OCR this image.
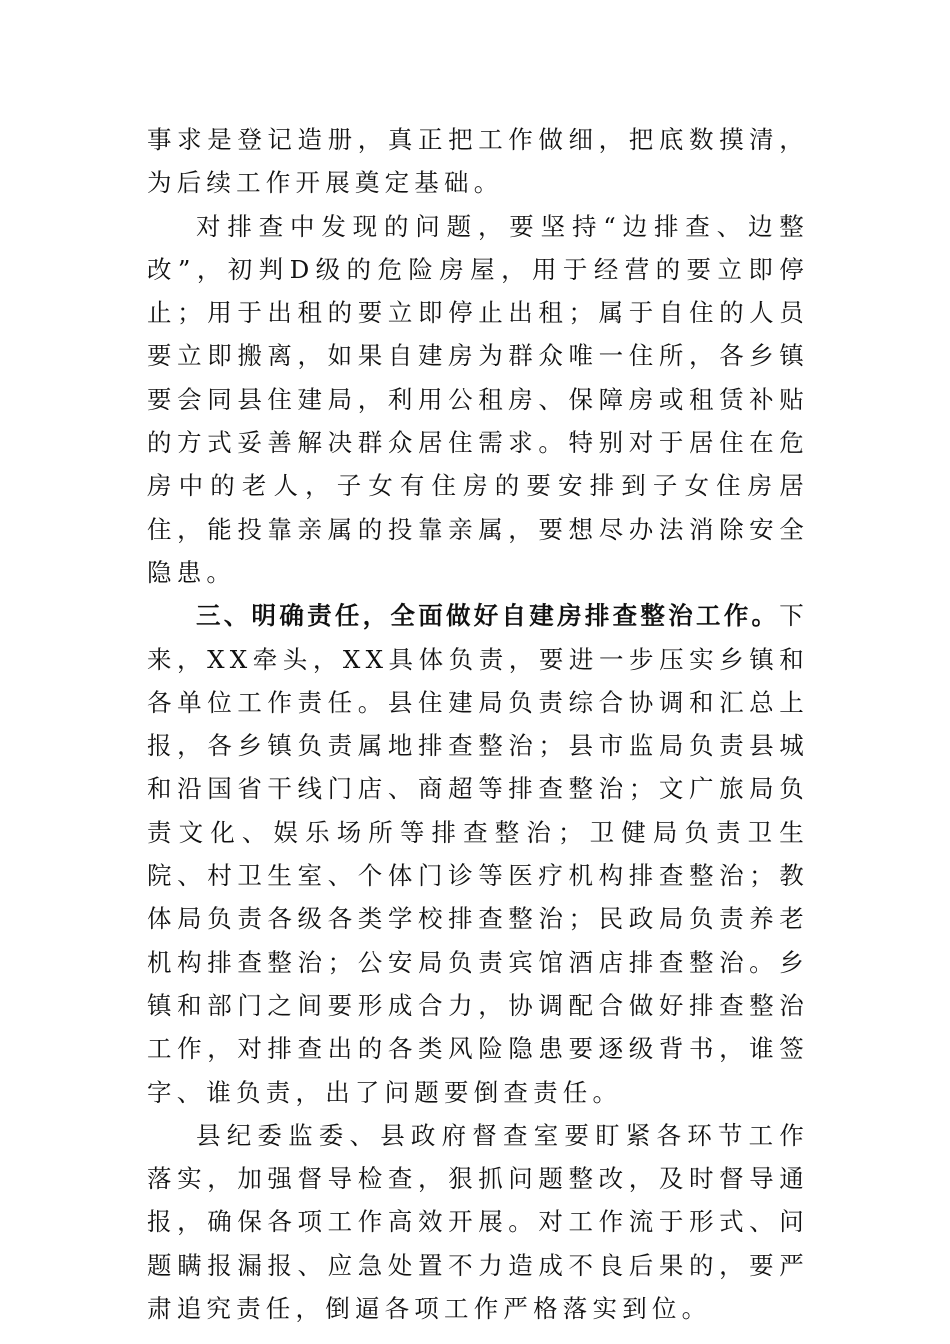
事求是登记造册，真正把工作做细，把底数摸清，为后续工作开展奠定基础。

对排查中发现的问题，要坚持“边排查、边整改”，初判D级的危险房屋，用于经营的要立即停止；用于出租的要立即停止出租；属于自住的人员要立即搬离，如果自建房为群众唯一住所，各乡镇要会同县住建局，利用公租房、保障房或租赁补贴的方式妥善解决群众居住需求。特别对于居住在危房中的老人，子女有住房的要安排到子女住房居住，能投靠亲属的投靠亲属，要想尽办法消除安全隐患。

三、明确责任，全面做好自建房排查整治工作。下来，XX牵头，XX具体负责，要进一步压实乡镇和各单位工作责任。县住建局负责综合协调和汇总上报，各乡镇负责属地排查整治；县市监局负责县城和沿国省干线门店、商超等排查整治；文广旅局负责文化、娱乐场所等排查整治；卫健局负责卫生院、村卫生室、个体门诊等医疗机构排查整治；教体局负责各级各类学校排查整治；民政局负责养老机构排查整治；公安局负责宾馆酒店排查整治。乡镇和部门之间要形成合力，协调配合做好排查整治工作，对排查出的各类风险隐患要逐级背书，谁签字、谁负责，出了问题要倒查责任。

县纪委监委、县政府督查室要盯紧各环节工作落实，加强督导检查，狠抓问题整改，及时督导通报，确保各项工作高效开展。对工作流于形式、问题瞒报漏报、应急处置不力造成不良后果的，要严肃追究责任，倒逼各项工作严格落实到位。
